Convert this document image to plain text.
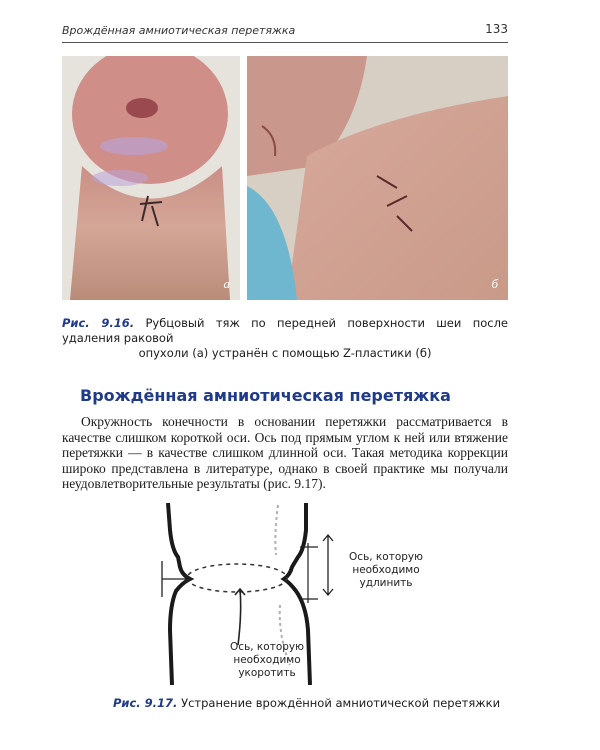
Врождённая амниотическая перетяжка	133
а	б
Рис. 9.16. Рубцовый тяж по передней поверхности шеи после удаления раковой
опухоли (а) устранён с помощью Z-пластики (б)
Врождённая амниотическая перетяжка

Окружность конечности в основании перетяжки рассматривается в качестве слишком короткой оси. Ось под прямым углом к ней или втяжение перетяжки — в качестве слишком длинной оси. Такая методика коррекции широко представлена в литературе, однако в своей практике мы получали неудовлетворительные результаты (рис. 9.17).

Ось, которую необходимо удлинить
Ось, которую необходимо укоротить
Рис. 9.17. Устранение врождённой амниотической перетяжки
